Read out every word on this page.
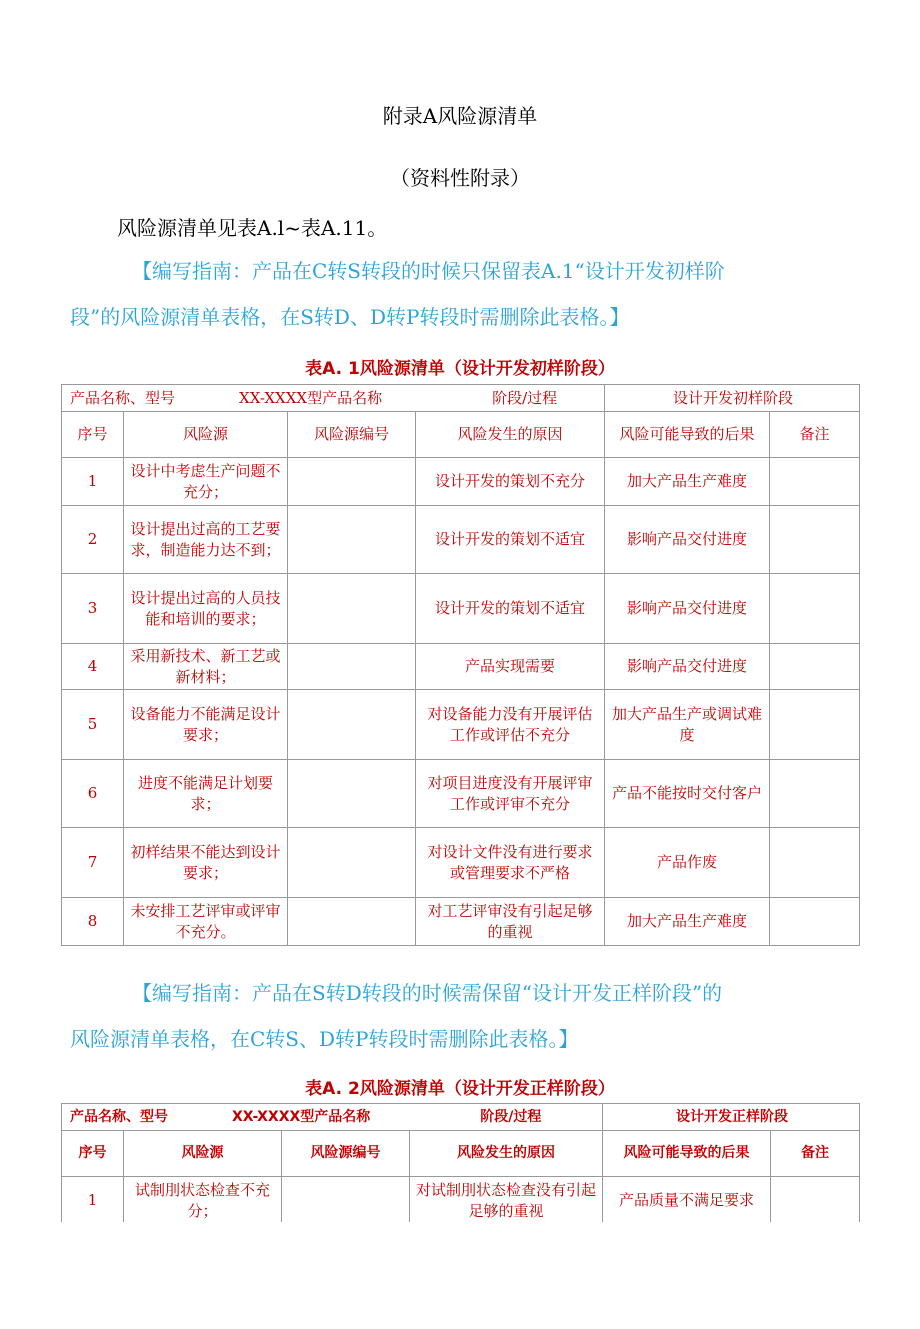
附录A风险源清单
（资料性附录）
风险源清单见表A.l~表A.11。
【编写指南：产品在C转S转段的时候只保留表A.1“设计开发初样阶
段”的风险源清单表格，在S转D、D转P转段时需删除此表格。】
表A. 1风险源清单（设计开发初样阶段）
产品名称、型号 XX-XXXX型产品名称 阶段/过程				设计开发初样阶段	
序号	风险源	风险源编号	风险发生的原因	风险可能导致的后果	备注
1	设计中考虑生产问题不充分；		设计开发的策划不充分	加大产品生产难度	
2	设计提出过高的工艺要求，制造能力达不到；		设计开发的策划不适宜	影响产品交付进度	
3	设计提出过高的人员技能和培训的要求；		设计开发的策划不适宜	影响产品交付进度	
4	采用新技术、新工艺或新材料；		产品实现需要	影响产品交付进度	
5	设备能力不能满足设计要求；		对设备能力没有开展评估工作或评估不充分	加大产品生产或调试难度	
6	进度不能满足计划要求；		对项目进度没有开展评审工作或评审不充分	产品不能按时交付客户	
7	初样结果不能达到设计要求；		对设计文件没有进行要求或管理要求不严格	产品作废	
8	未安排工艺评审或评审不充分。		对工艺评审没有引起足够的重视	加大产品生产难度	
【编写指南：产品在S转D转段的时候需保留“设计开发正样阶段”的
风险源清单表格，在C转S、D转P转段时需删除此表格。】
表A. 2风险源清单（设计开发正样阶段）
产品名称、型号 XX-XXXX型产品名称 阶段/过程				设计开发正样阶段	
序号	风险源	风险源编号	风险发生的原因	风险可能导致的后果	备注
1	试制刖状态检查不充分；		对试制刖状态检查没有引起足够的重视	产品质量不满足要求	
